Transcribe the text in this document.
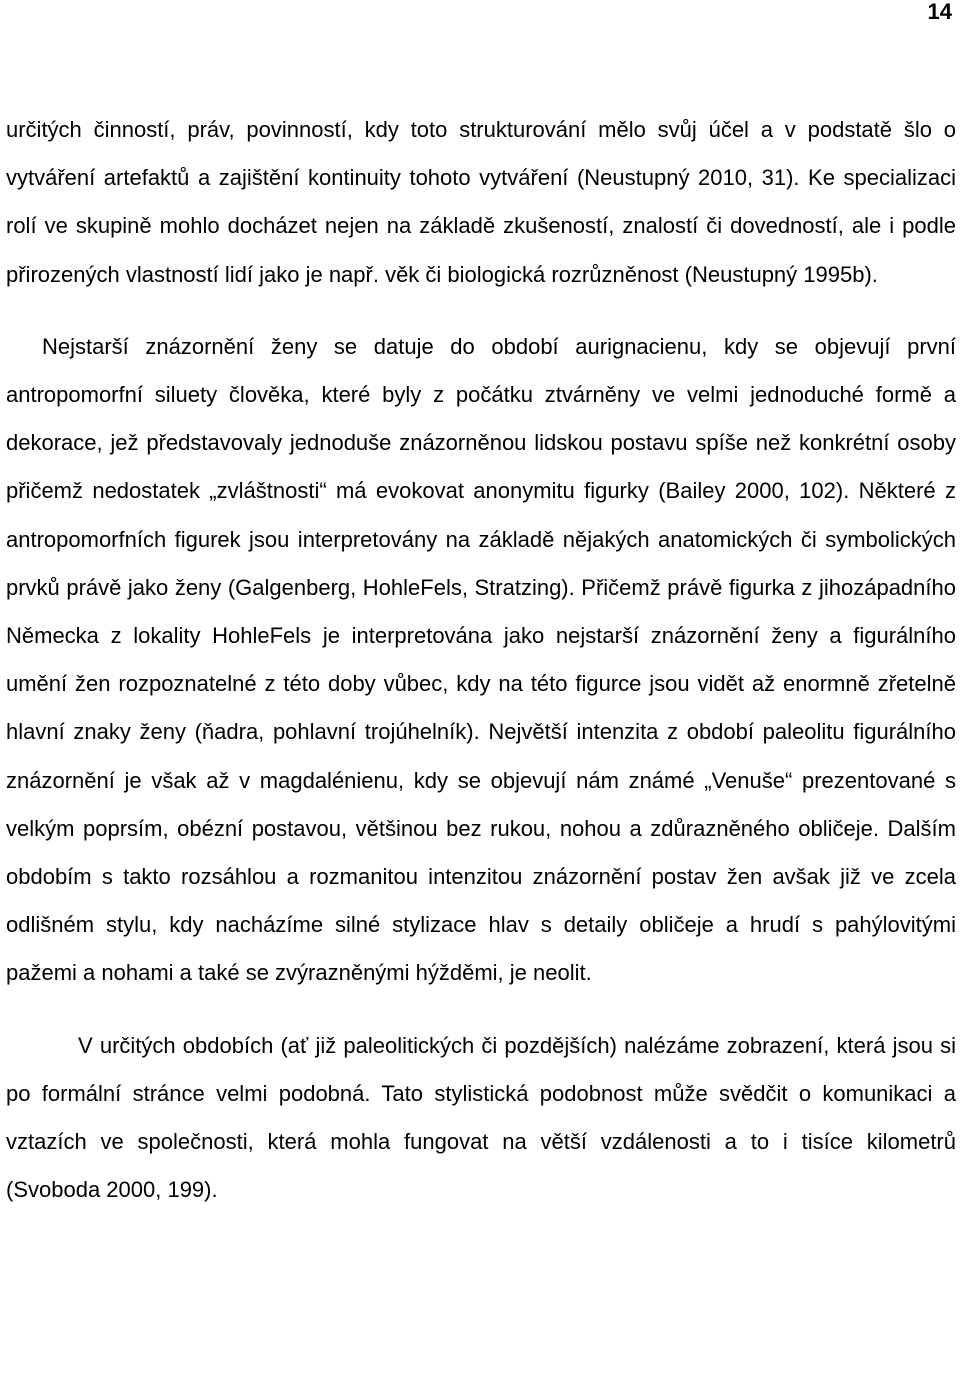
14

určitých činností, práv, povinností, kdy toto strukturování mělo svůj účel a v podstatě šlo o vytváření artefaktů a zajištění kontinuity tohoto vytváření (Neustupný 2010, 31). Ke specializaci rolí ve skupině mohlo docházet nejen na základě zkušeností, znalostí či dovedností, ale i podle přirozených vlastností lidí jako je např. věk či biologická rozrůzněnost (Neustupný 1995b).

Nejstarší znázornění ženy se datuje do období aurignacienu, kdy se objevují první antropomorfní siluety člověka, které byly z počátku ztvárněny ve velmi jednoduché formě a dekorace, jež představovaly jednoduše znázorněnou lidskou postavu spíše než konkrétní osoby přičemž nedostatek „zvláštnosti“ má evokovat anonymitu figurky (Bailey 2000, 102). Některé z antropomorfních figurek jsou interpretovány na základě nějakých anatomických či symbolických prvků právě jako ženy (Galgenberg, HohleFels, Stratzing). Přičemž právě figurka z jihozápadního Německa z lokality HohleFels je interpretována jako nejstarší znázornění ženy a figurálního umění žen rozpoznatelné z této doby vůbec, kdy na této figurce jsou vidět až enormně zřetelně hlavní znaky ženy (ňadra, pohlavní trojúhelník). Největší intenzita z období paleolitu figurálního znázornění je však až v magdalénienu, kdy se objevují nám známé „Venuše“ prezentované s velkým poprsím, obézní postavou, většinou bez rukou, nohou a zdůrazněného obličeje. Dalším obdobím s takto rozsáhlou a rozmanitou intenzitou znázornění postav žen avšak již ve zcela odlišném stylu, kdy nacházíme silné stylizace hlav s detaily obličeje a hrudí s pahýlovitými pažemi a nohami a také se zvýrazněnými hýžděmi, je neolit.

V určitých obdobích (ať již paleolitických či pozdějších) nalézáme zobrazení, která jsou si po formální stránce velmi podobná. Tato stylistická podobnost může svědčit o komunikaci a vztazích ve společnosti, která mohla fungovat na větší vzdálenosti a to i tisíce kilometrů (Svoboda 2000, 199).
